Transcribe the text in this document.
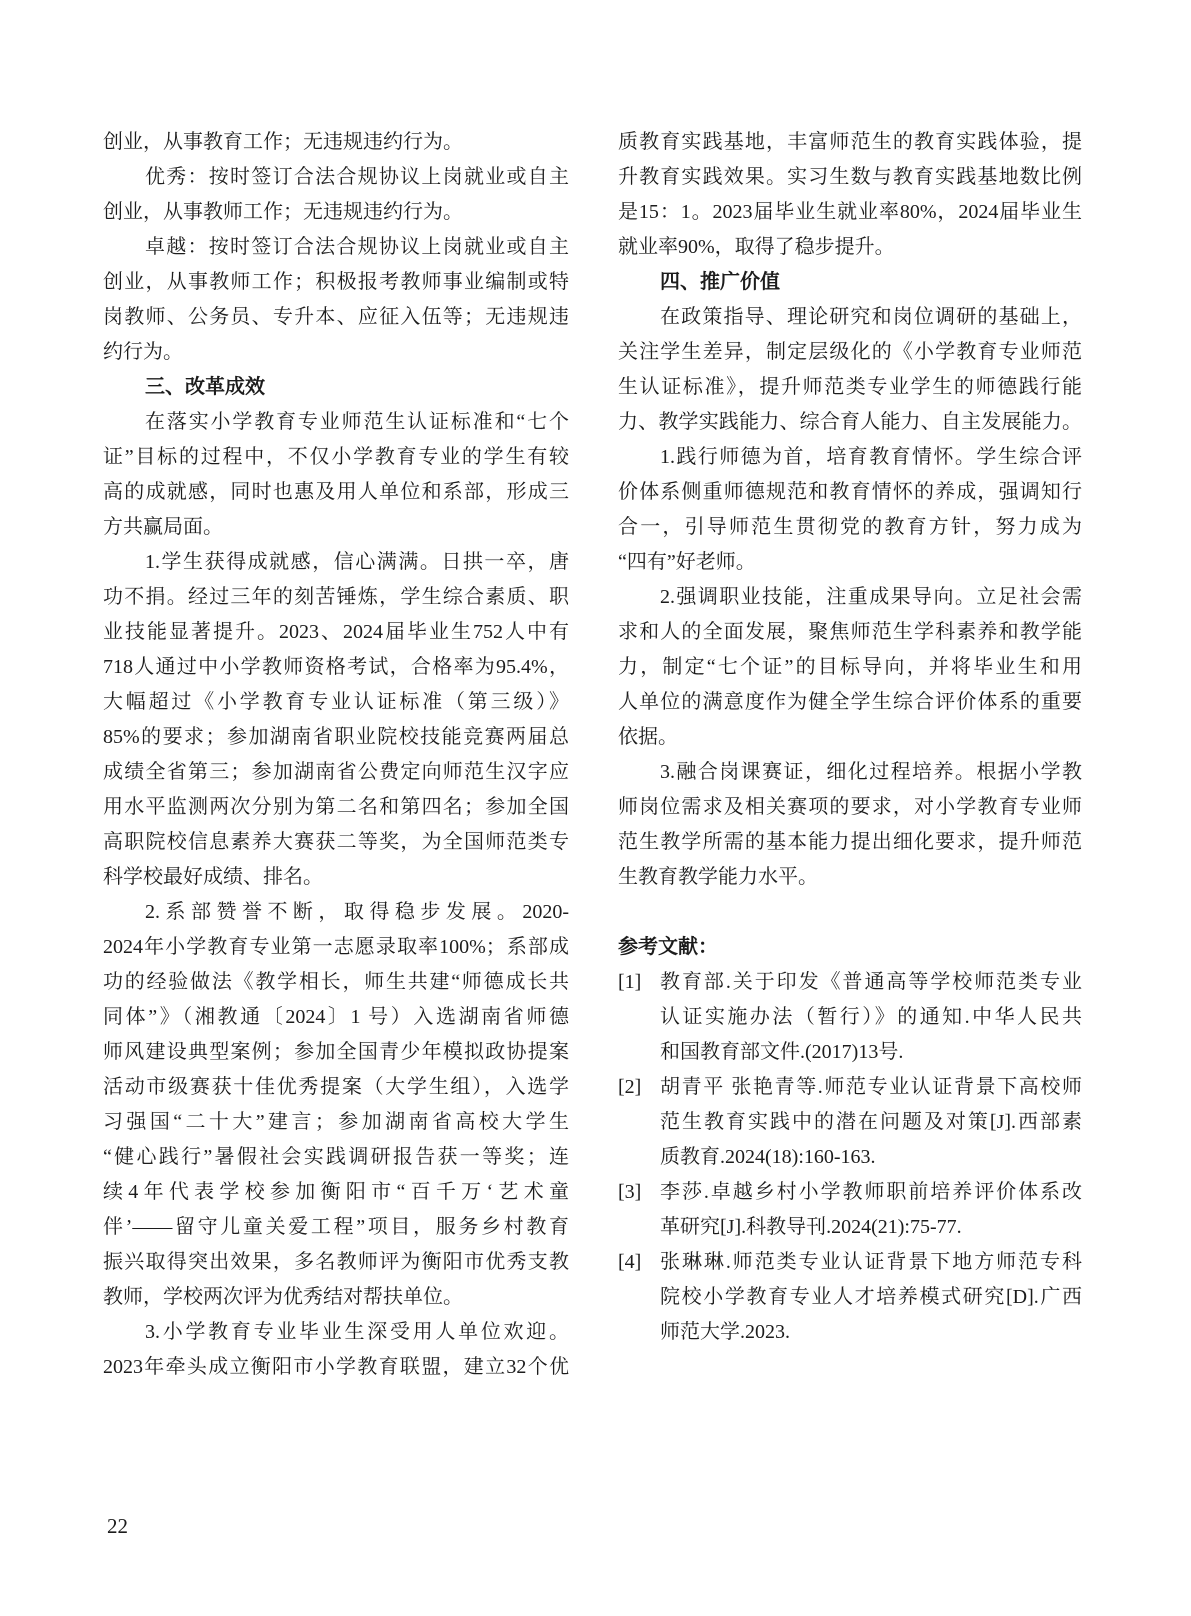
创业，从事教育工作；无违规违约行为。
优秀：按时签订合法合规协议上岗就业或自主
创业，从事教师工作；无违规违约行为。
卓越：按时签订合法合规协议上岗就业或自主
创业，从事教师工作；积极报考教师事业编制或特
岗教师、公务员、专升本、应征入伍等；无违规违
约行为。
三、改革成效
在落实小学教育专业师范生认证标准和“七个
证”目标的过程中，不仅小学教育专业的学生有较
高的成就感，同时也惠及用人单位和系部，形成三
方共赢局面。
1.学生获得成就感，信心满满。日拱一卒，唐
功不捐。经过三年的刻苦锤炼，学生综合素质、职
业技能显著提升。2023、2024届毕业生752人中有
718人通过中小学教师资格考试，合格率为95.4%，
大幅超过《小学教育专业认证标准（第三级）》
85%的要求；参加湖南省职业院校技能竞赛两届总
成绩全省第三；参加湖南省公费定向师范生汉字应
用水平监测两次分别为第二名和第四名；参加全国
高职院校信息素养大赛获二等奖，为全国师范类专
科学校最好成绩、排名。
2.系部赞誉不断，取得稳步发展。2020-
2024年小学教育专业第一志愿录取率100%；系部成
功的经验做法《教学相长，师生共建“师德成长共
同体”》（湘教通〔2024〕1 号）入选湖南省师德
师风建设典型案例；参加全国青少年模拟政协提案
活动市级赛获十佳优秀提案（大学生组），入选学
习强国“二十大”建言；参加湖南省高校大学生
“健心践行”暑假社会实践调研报告获一等奖；连
续4年代表学校参加衡阳市“百千万‘艺术童
伴’——留守儿童关爱工程”项目，服务乡村教育
振兴取得突出效果，多名教师评为衡阳市优秀支教
教师，学校两次评为优秀结对帮扶单位。
3.小学教育专业毕业生深受用人单位欢迎。
2023年牵头成立衡阳市小学教育联盟，建立32个优
质教育实践基地，丰富师范生的教育实践体验，提
升教育实践效果。实习生数与教育实践基地数比例
是15：1。2023届毕业生就业率80%，2024届毕业生
就业率90%，取得了稳步提升。
四、推广价值
在政策指导、理论研究和岗位调研的基础上，
关注学生差异，制定层级化的《小学教育专业师范
生认证标准》，提升师范类专业学生的师德践行能
力、教学实践能力、综合育人能力、自主发展能力。
1.践行师德为首，培育教育情怀。学生综合评
价体系侧重师德规范和教育情怀的养成，强调知行
合一，引导师范生贯彻党的教育方针，努力成为
“四有”好老师。
2.强调职业技能，注重成果导向。立足社会需
求和人的全面发展，聚焦师范生学科素养和教学能
力，制定“七个证”的目标导向，并将毕业生和用
人单位的满意度作为健全学生综合评价体系的重要
依据。
3.融合岗课赛证，细化过程培养。根据小学教
师岗位需求及相关赛项的要求，对小学教育专业师
范生教学所需的基本能力提出细化要求，提升师范
生教育教学能力水平。
参考文献：
[1] 教育部.关于印发《普通高等学校师范类专业
认证实施办法（暂行）》的通知.中华人民共
和国教育部文件.(2017)13号.
[2] 胡青平 张艳青等.师范专业认证背景下高校师
范生教育实践中的潜在问题及对策[J].西部素
质教育.2024(18):160-163.
[3] 李莎.卓越乡村小学教师职前培养评价体系改
革研究[J].科教导刊.2024(21):75-77.
[4] 张琳琳.师范类专业认证背景下地方师范专科
院校小学教育专业人才培养模式研究[D].广西
师范大学.2023.
22
